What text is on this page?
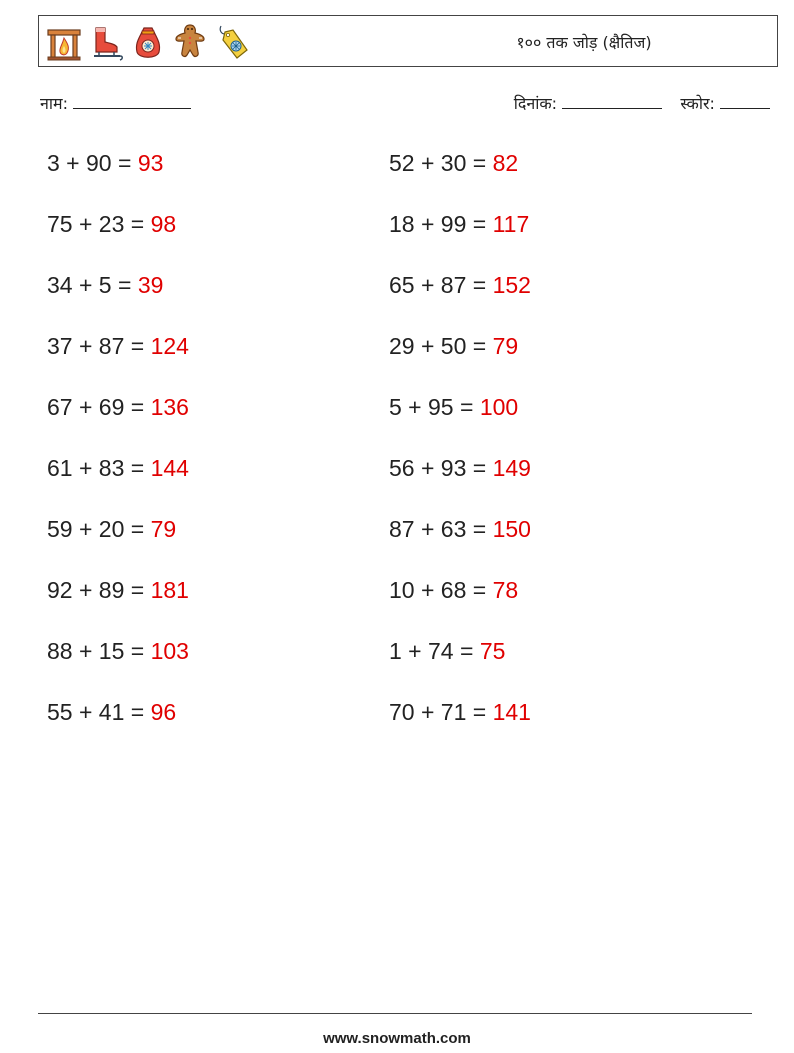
१०० तक जोड़ (क्षैतिज)
नाम:	दिनांक:	स्कोर:
3 + 90 = 93
75 + 23 = 98
34 + 5 = 39
37 + 87 = 124
67 + 69 = 136
61 + 83 = 144
59 + 20 = 79
92 + 89 = 181
88 + 15 = 103
55 + 41 = 96
52 + 30 = 82
18 + 99 = 117
65 + 87 = 152
29 + 50 = 79
5 + 95 = 100
56 + 93 = 149
87 + 63 = 150
10 + 68 = 78
1 + 74 = 75
70 + 71 = 141
www.snowmath.com
